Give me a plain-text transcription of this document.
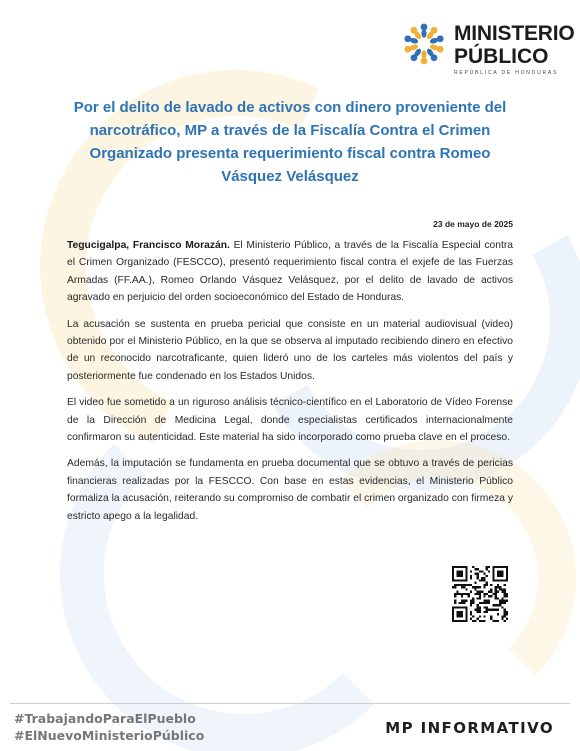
MINISTERIO
PÚBLICO
REPÚBLICA DE HONDURAS
Por el delito de lavado de activos con dinero proveniente del narcotráfico, MP a través de la Fiscalía Contra el Crimen Organizado presenta requerimiento fiscal contra Romeo Vásquez Velásquez
23 de mayo de 2025

Tegucigalpa, Francisco Morazán. El Ministerio Público, a través de la Fiscalía Especial contra el Crimen Organizado (FESCCO), presentó requerimiento fiscal contra el exjefe de las Fuerzas Armadas (FF.AA.), Romeo Orlando Vásquez Velásquez, por el delito de lavado de activos agravado en perjuicio del orden socioeconómico del Estado de Honduras.

La acusación se sustenta en prueba pericial que consiste en un material audiovisual (video) obtenido por el Ministerio Público, en la que se observa al imputado recibiendo dinero en efectivo de un reconocido narcotraficante, quien lideró uno de los carteles más violentos del país y posteriormente fue condenado en los Estados Unidos.

El video fue sometido a un riguroso análisis técnico-científico en el Laboratorio de Vídeo Forense de la Dirección de Medicina Legal, donde especialistas certificados internacionalmente confirmaron su autenticidad. Este material ha sido incorporado como prueba clave en el proceso.

Además, la imputación se fundamenta en prueba documental que se obtuvo a través de pericias financieras realizadas por la FESCCO. Con base en estas evidencias, el Ministerio Público formaliza la acusación, reiterando su compromiso de combatir el crimen organizado con firmeza y estricto apego a la legalidad.

#TrabajandoParaElPueblo
#ElNuevoMinisterioPúblico	MP INFORMATIVO
